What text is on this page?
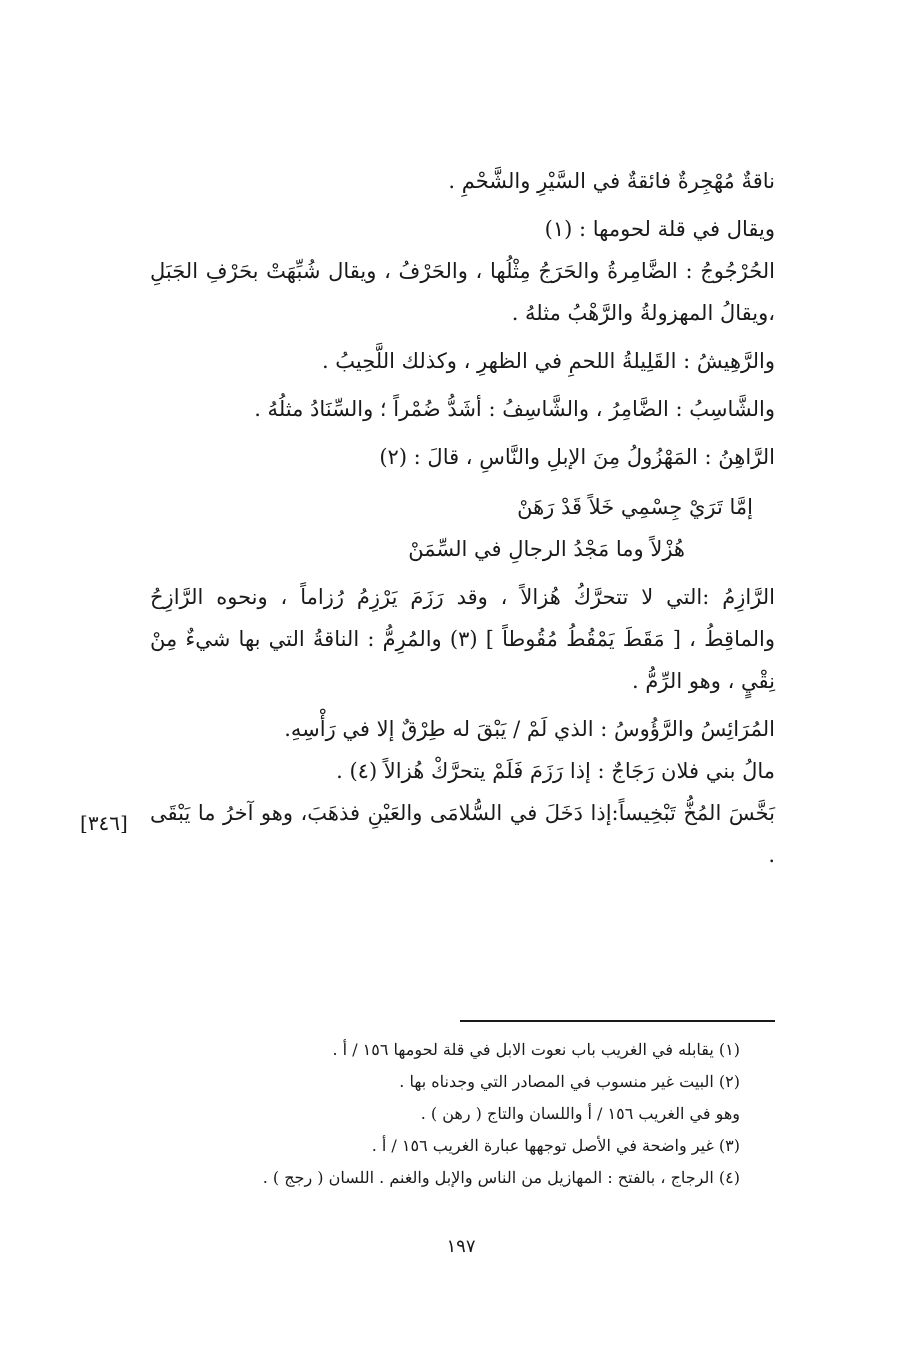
ناقةٌ مُهْجِرةٌ فائقةٌ في السَّيْرِ والشَّحْمِ .

ويقال في قلة لحومها : (١)

الحُرْجُوجُ : الضَّامِرةُ والحَرَجُ مِثْلُها ، والحَرْفُ ، ويقال شُبِّهَتْ بحَرْفِ الجَبَلِ ،ويقالُ المهزولةُ والرَّهْبُ مثلهُ .

والرَّهِيشُ : القَلِيلةُ اللحمِ في الظهرِ ، وكذلك اللَّحِيبُ .

والشَّاسِبُ : الضَّامِرُ ، والشَّاسِفُ : أشَدُّ ضُمْراً ؛ والسِّنَادُ مثلُهُ .

الرَّاهِنُ : المَهْزُولُ مِنَ الإبلِ والنَّاسِ ، قالَ : (٢)

إمَّا تَرَيْ جِسْمِي خَلاً قَدْ رَهَنْ

هُزْلاً وما مَجْدُ الرجالِ في السِّمَنْ

الرَّازِمُ :التي لا تتحرَّكُ هُزالاً ، وقد رَزَمَ يَرْزِمُ رُزاماً ، ونحوه الرَّازِحُ والماقِطُ ، [ مَقَطَ يَمْقُطُ مُقُوطاً ] (٣) والمُرِمُّ : الناقةُ التي بها شيءٌ مِنْ نِقْيٍ ، وهو الرِّمُّ .

المُرَائِسُ والرَّؤُوسُ : الذي لَمْ / يَبْقَ له طِرْقٌ إلا في رَأْسِهِ.

مالُ بني فلان رَجَاجٌ : إذا رَزَمَ فَلَمْ يتحرَّكْ هُزالاً (٤) .

بَخَّسَ المُخُّ تَبْخِيساً:إذا دَخَلَ في السُّلامَى والعَيْنِ فذهَبَ، وهو آخرُ ما يَبْقَى .

[٣٤٦]

(١) يقابله في الغريب باب نعوت الابل في قلة لحومها ١٥٦ / أ .

(٢) البيت غير منسوب في المصادر التي وجدناه بها .

وهو في الغريب ١٥٦ / أ واللسان والتاج ( رهن ) .

(٣) غير واضحة في الأصل توجهها عبارة الغريب ١٥٦ / أ .

(٤) الرجاج ، بالفتح : المهازيل من الناس والإبل والغنم . اللسان ( رجج ) .

١٩٧
